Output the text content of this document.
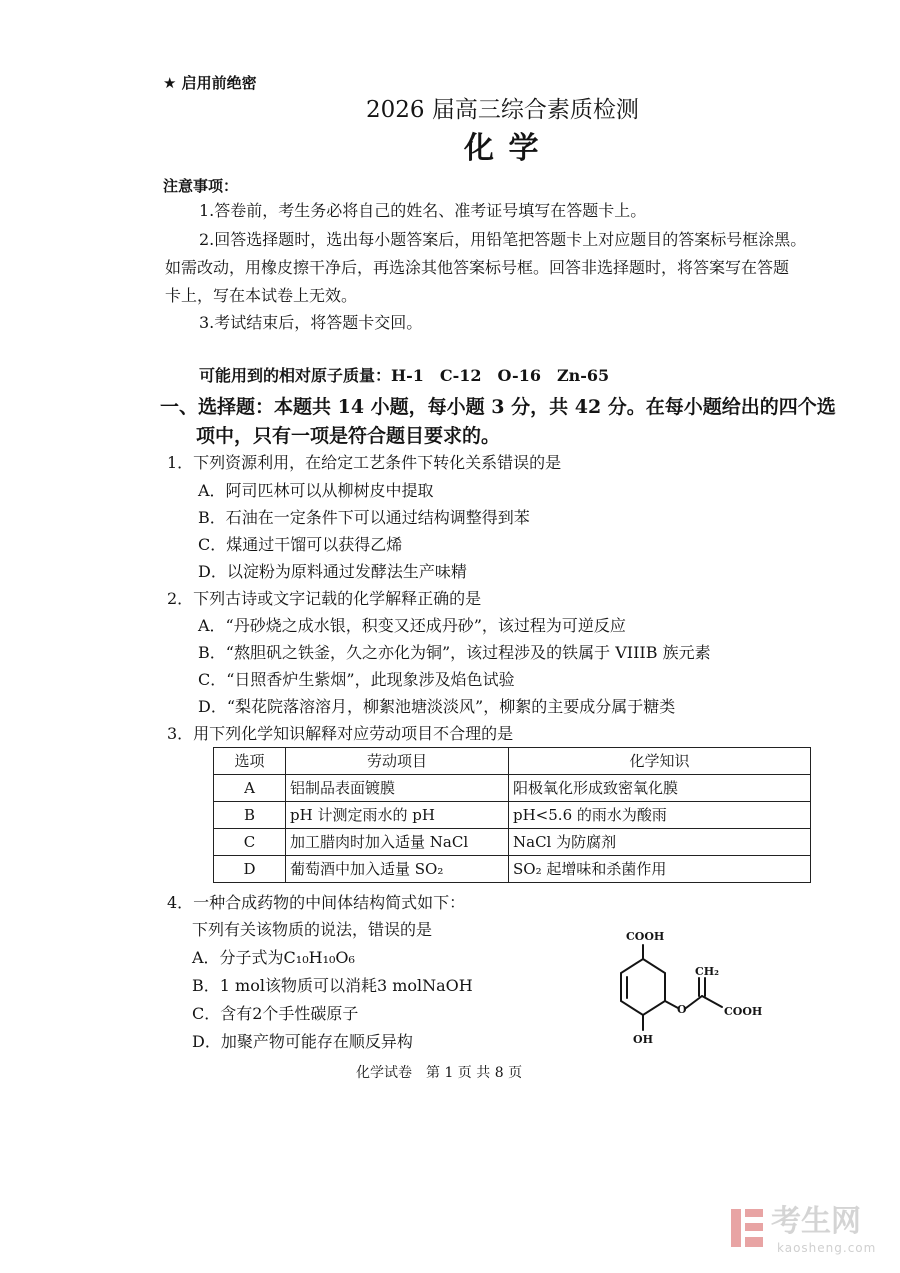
★ 启用前绝密
2026 届高三综合素质检测
化 学
注意事项：
1.答卷前，考生务必将自己的姓名、准考证号填写在答题卡上。
2.回答选择题时，选出每小题答案后，用铅笔把答题卡上对应题目的答案标号框涂黑。
如需改动，用橡皮擦干净后，再选涂其他答案标号框。回答非选择题时，将答案写在答题
卡上，写在本试卷上无效。
3.考试结束后，将答题卡交回。
可能用到的相对原子质量：H-1　C-12　O-16　Zn-65
一、选择题：本题共 14 小题，每小题 3 分，共 42 分。在每小题给出的四个选
项中，只有一项是符合题目要求的。
1．下列资源利用，在给定工艺条件下转化关系错误的是
A．阿司匹林可以从柳树皮中提取
B．石油在一定条件下可以通过结构调整得到苯
C．煤通过干馏可以获得乙烯
D．以淀粉为原料通过发酵法生产味精
2．下列古诗或文字记载的化学解释正确的是
A．“丹砂烧之成水银，积变又还成丹砂”，该过程为可逆反应
B．“熬胆矾之铁釜，久之亦化为铜”，该过程涉及的铁属于 VIIIB 族元素
C．“日照香炉生紫烟”，此现象涉及焰色试验
D．“梨花院落溶溶月，柳絮池塘淡淡风”，柳絮的主要成分属于糖类
3．用下列化学知识解释对应劳动项目不合理的是
选项	劳动项目	化学知识
A	铝制品表面镀膜	阳极氧化形成致密氧化膜
B	pH 计测定雨水的 pH	pH<5.6 的雨水为酸雨
C	加工腊肉时加入适量 NaCl	NaCl 为防腐剂
D	葡萄酒中加入适量 SO₂	SO₂ 起增味和杀菌作用
4．一种合成药物的中间体结构简式如下：
下列有关该物质的说法，错误的是
A．分子式为C₁₀H₁₀O₆
B．1 mol该物质可以消耗3 molNaOH
C．含有2个手性碳原子
D．加聚产物可能存在顺反异构
COOH
CH₂
O	COOH
OH
化学试卷　第 1 页 共 8 页
考生网
kaosheng.com
